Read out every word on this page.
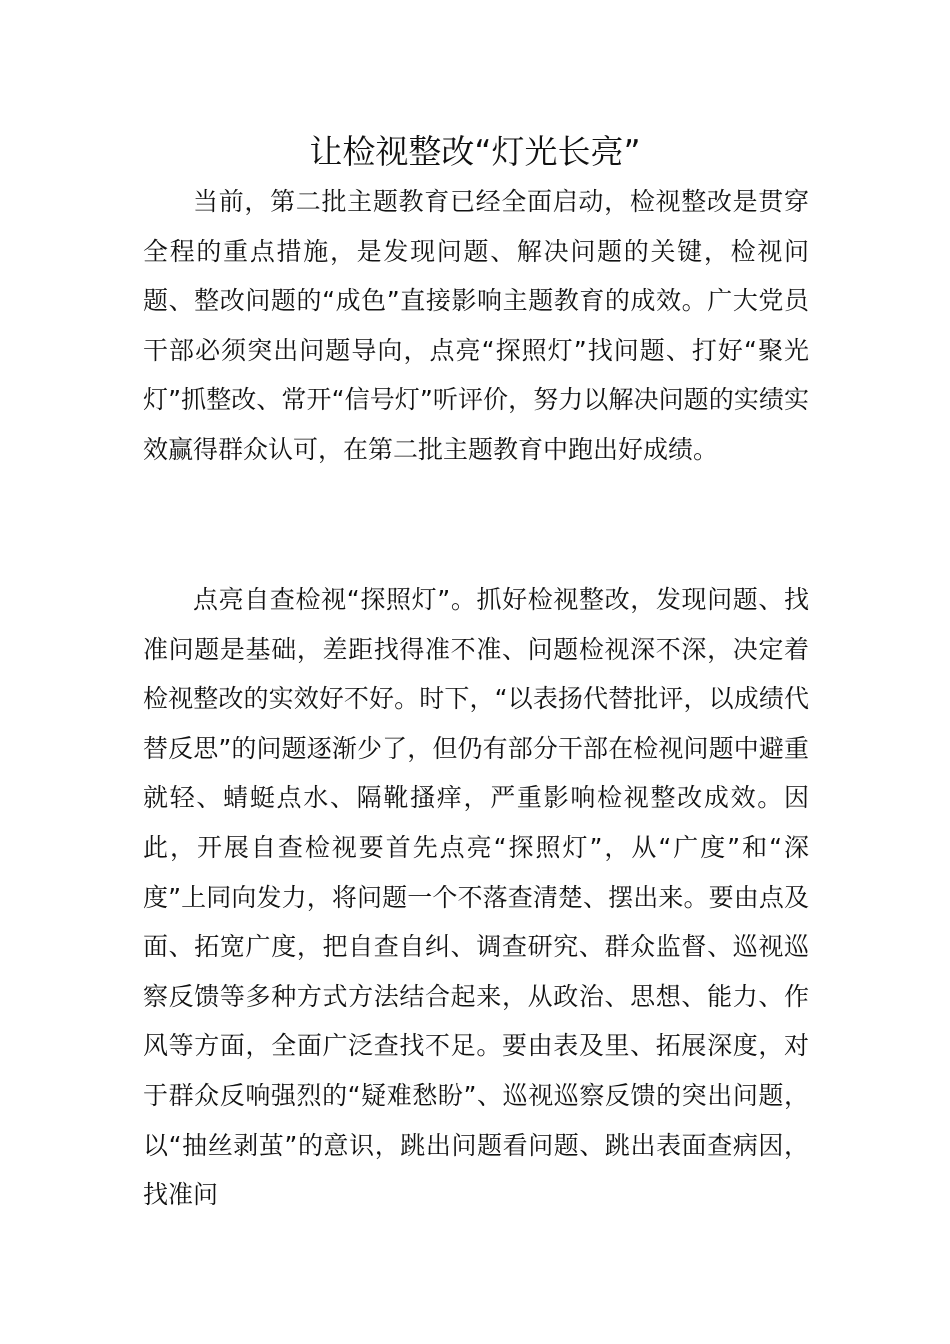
让检视整改“灯光长亮”

当前，第二批主题教育已经全面启动，检视整改是贯穿全程的重点措施，是发现问题、解决问题的关键，检视问题、整改问题的“成色”直接影响主题教育的成效。广大党员干部必须突出问题导向，点亮“探照灯”找问题、打好“聚光灯”抓整改、常开“信号灯”听评价，努力以解决问题的实绩实效赢得群众认可，在第二批主题教育中跑出好成绩。

点亮自查检视“探照灯”。抓好检视整改，发现问题、找准问题是基础，差距找得准不准、问题检视深不深，决定着检视整改的实效好不好。时下，“以表扬代替批评，以成绩代替反思”的问题逐渐少了，但仍有部分干部在检视问题中避重就轻、蜻蜓点水、隔靴搔痒，严重影响检视整改成效。因此，开展自查检视要首先点亮“探照灯”，从“广度”和“深度”上同向发力，将问题一个不落查清楚、摆出来。要由点及面、拓宽广度，把自查自纠、调查研究、群众监督、巡视巡察反馈等多种方式方法结合起来，从政治、思想、能力、作风等方面，全面广泛查找不足。要由表及里、拓展深度，对于群众反响强烈的“疑难愁盼”、巡视巡察反馈的突出问题，以“抽丝剥茧”的意识，跳出问题看问题、跳出表面查病因，找准问
